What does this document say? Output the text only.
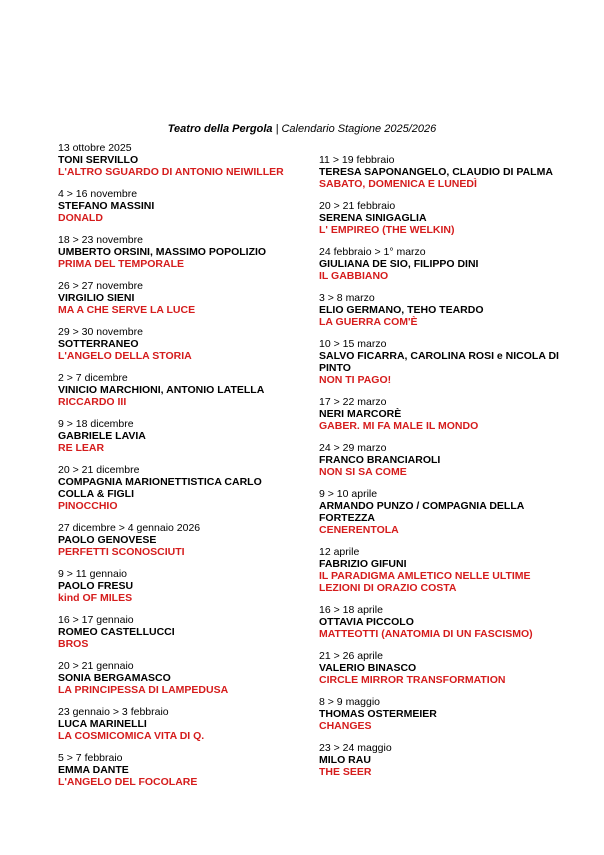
Teatro della Pergola | Calendario Stagione 2025/2026
13 ottobre 2025
TONI SERVILLO
L'ALTRO SGUARDO DI ANTONIO NEIWILLER
4 > 16 novembre
STEFANO MASSINI
DONALD
18 > 23 novembre
UMBERTO ORSINI, MASSIMO POPOLIZIO
PRIMA DEL TEMPORALE
26 > 27 novembre
VIRGILIO SIENI
MA A CHE SERVE LA LUCE
29 > 30 novembre
SOTTERRANEO
L'ANGELO DELLA STORIA
2 > 7 dicembre
VINICIO MARCHIONI, ANTONIO LATELLA
RICCARDO III
9 > 18 dicembre
GABRIELE LAVIA
RE LEAR
20 > 21 dicembre
COMPAGNIA MARIONETTISTICA CARLO COLLA & FIGLI
PINOCCHIO
27 dicembre > 4 gennaio 2026
PAOLO GENOVESE
PERFETTI SCONOSCIUTI
9 > 11 gennaio
PAOLO FRESU
kind OF MILES
16 > 17 gennaio
ROMEO CASTELLUCCI
BROS
20 > 21 gennaio
SONIA BERGAMASCO
LA PRINCIPESSA DI LAMPEDUSA
23 gennaio > 3 febbraio
LUCA MARINELLI
LA COSMICOMICA VITA DI Q.
5 > 7 febbraio
EMMA DANTE
L'ANGELO DEL FOCOLARE
11 > 19 febbraio
TERESA SAPONANGELO, CLAUDIO DI PALMA
SABATO, DOMENICA E LUNEDÌ
20 > 21 febbraio
SERENA SINIGAGLIA
L' EMPIREO (THE WELKIN)
24 febbraio > 1° marzo
GIULIANA DE SIO, FILIPPO DINI
IL GABBIANO
3 > 8 marzo
ELIO GERMANO, TEHO TEARDO
LA GUERRA COM'È
10 > 15 marzo
SALVO FICARRA, CAROLINA ROSI e NICOLA DI PINTO
NON TI PAGO!
17 > 22 marzo
NERI MARCORÈ
GABER. MI FA MALE IL MONDO
24 > 29 marzo
FRANCO BRANCIAROLI
NON SI SA COME
9 > 10 aprile
ARMANDO PUNZO / COMPAGNIA DELLA FORTEZZA
CENERENTOLA
12 aprile
FABRIZIO GIFUNI
IL PARADIGMA AMLETICO NELLE ULTIME LEZIONI DI ORAZIO COSTA
16 > 18 aprile
OTTAVIA PICCOLO
MATTEOTTI (ANATOMIA DI UN FASCISMO)
21 > 26 aprile
VALERIO BINASCO
CIRCLE MIRROR TRANSFORMATION
8 > 9 maggio
THOMAS OSTERMEIER
CHANGES
23 > 24 maggio
MILO RAU
THE SEER
